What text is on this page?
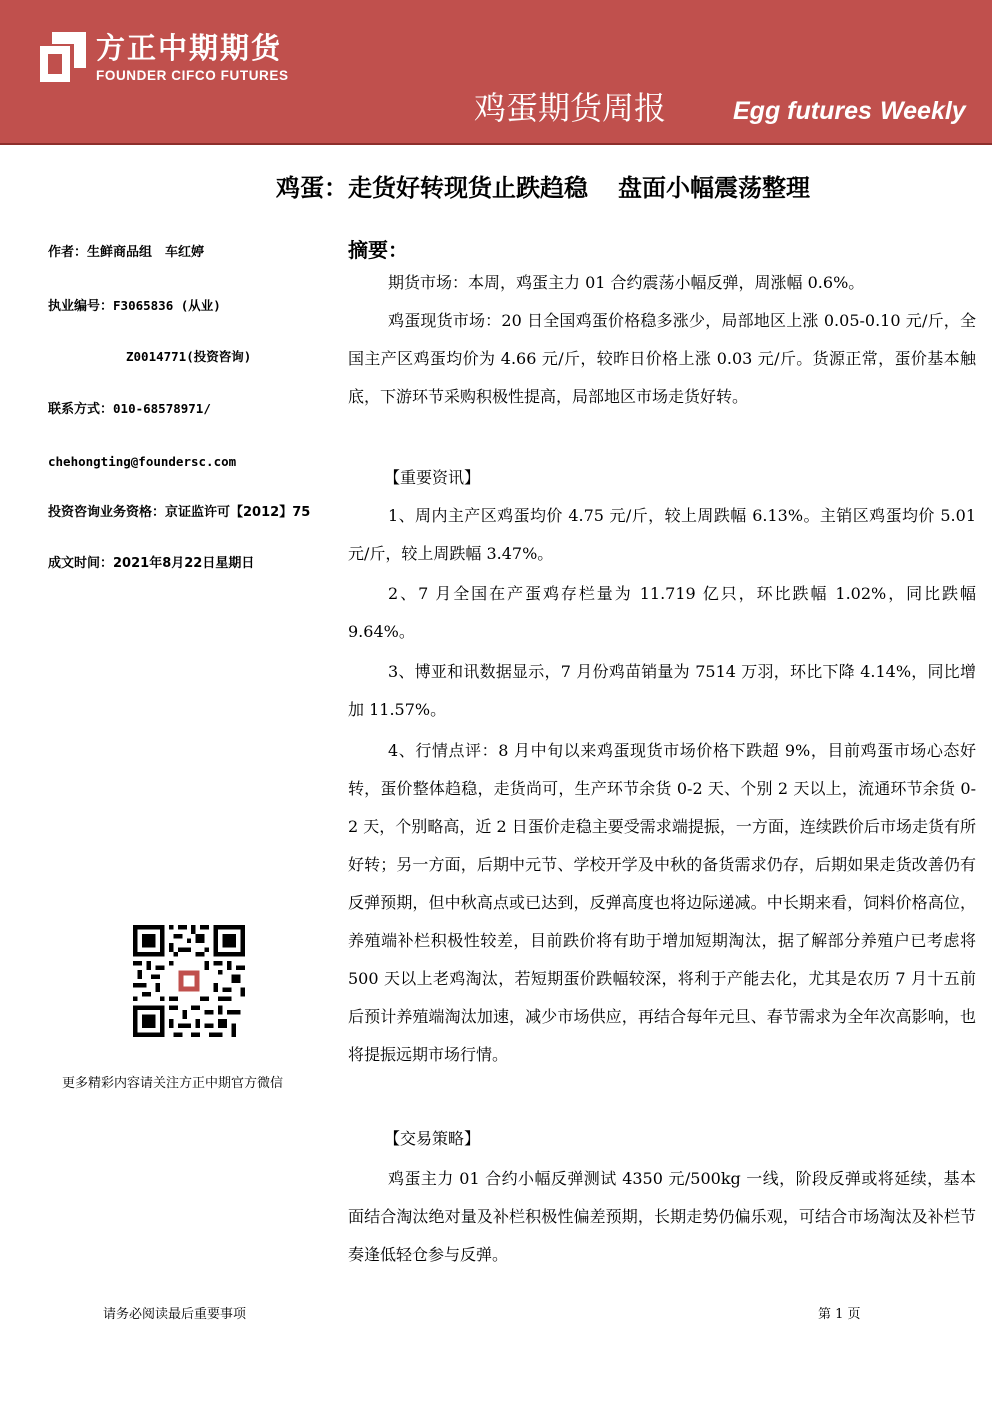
方正中期期货
FOUNDER CIFCO FUTURES
鸡蛋期货周报	Egg futures Weekly
鸡蛋：走货好转现货止跌趋稳 盘面小幅震荡整理
作者：生鲜商品组　车红婷
执业编号：F3065836 (从业)
Z0014771(投资咨询)
联系方式：010-68578971/
chehongting@foundersc.com
投资咨询业务资格：京证监许可【2012】75
成文时间：2021年8月22日星期日
更多精彩内容请关注方正中期官方微信
摘要：
期货市场：本周，鸡蛋主力 01 合约震荡小幅反弹，周涨幅 0.6%。
鸡蛋现货市场：20 日全国鸡蛋价格稳多涨少，局部地区上涨 0.05-0.10 元/斤，全国主产区鸡蛋均价为 4.66 元/斤，较昨日价格上涨 0.03 元/斤。货源正常，蛋价基本触底，下游环节采购积极性提高，局部地区市场走货好转。
【重要资讯】
1、周内主产区鸡蛋均价 4.75 元/斤，较上周跌幅 6.13%。主销区鸡蛋均价 5.01 元/斤，较上周跌幅 3.47%。
2、7 月全国在产蛋鸡存栏量为 11.719 亿只，环比跌幅 1.02%，同比跌幅 9.64%。
3、博亚和讯数据显示，7 月份鸡苗销量为 7514 万羽，环比下降 4.14%，同比增加 11.57%。
4、行情点评：8 月中旬以来鸡蛋现货市场价格下跌超 9%，目前鸡蛋市场心态好转，蛋价整体趋稳，走货尚可，生产环节余货 0-2 天、个别 2 天以上，流通环节余货 0-2 天，个别略高，近 2 日蛋价走稳主要受需求端提振，一方面，连续跌价后市场走货有所好转；另一方面，后期中元节、学校开学及中秋的备货需求仍存，后期如果走货改善仍有反弹预期，但中秋高点或已达到，反弹高度也将边际递减。中长期来看，饲料价格高位，养殖端补栏积极性较差，目前跌价将有助于增加短期淘汰，据了解部分养殖户已考虑将 500 天以上老鸡淘汰，若短期蛋价跌幅较深，将利于产能去化，尤其是农历 7 月十五前后预计养殖端淘汰加速，减少市场供应，再结合每年元旦、春节需求为全年次高影响，也将提振远期市场行情。
【交易策略】
鸡蛋主力 01 合约小幅反弹测试 4350 元/500kg 一线，阶段反弹或将延续，基本面结合淘汰绝对量及补栏积极性偏差预期，长期走势仍偏乐观，可结合市场淘汰及补栏节奏逢低轻仓参与反弹。
请务必阅读最后重要事项	第 1 页
